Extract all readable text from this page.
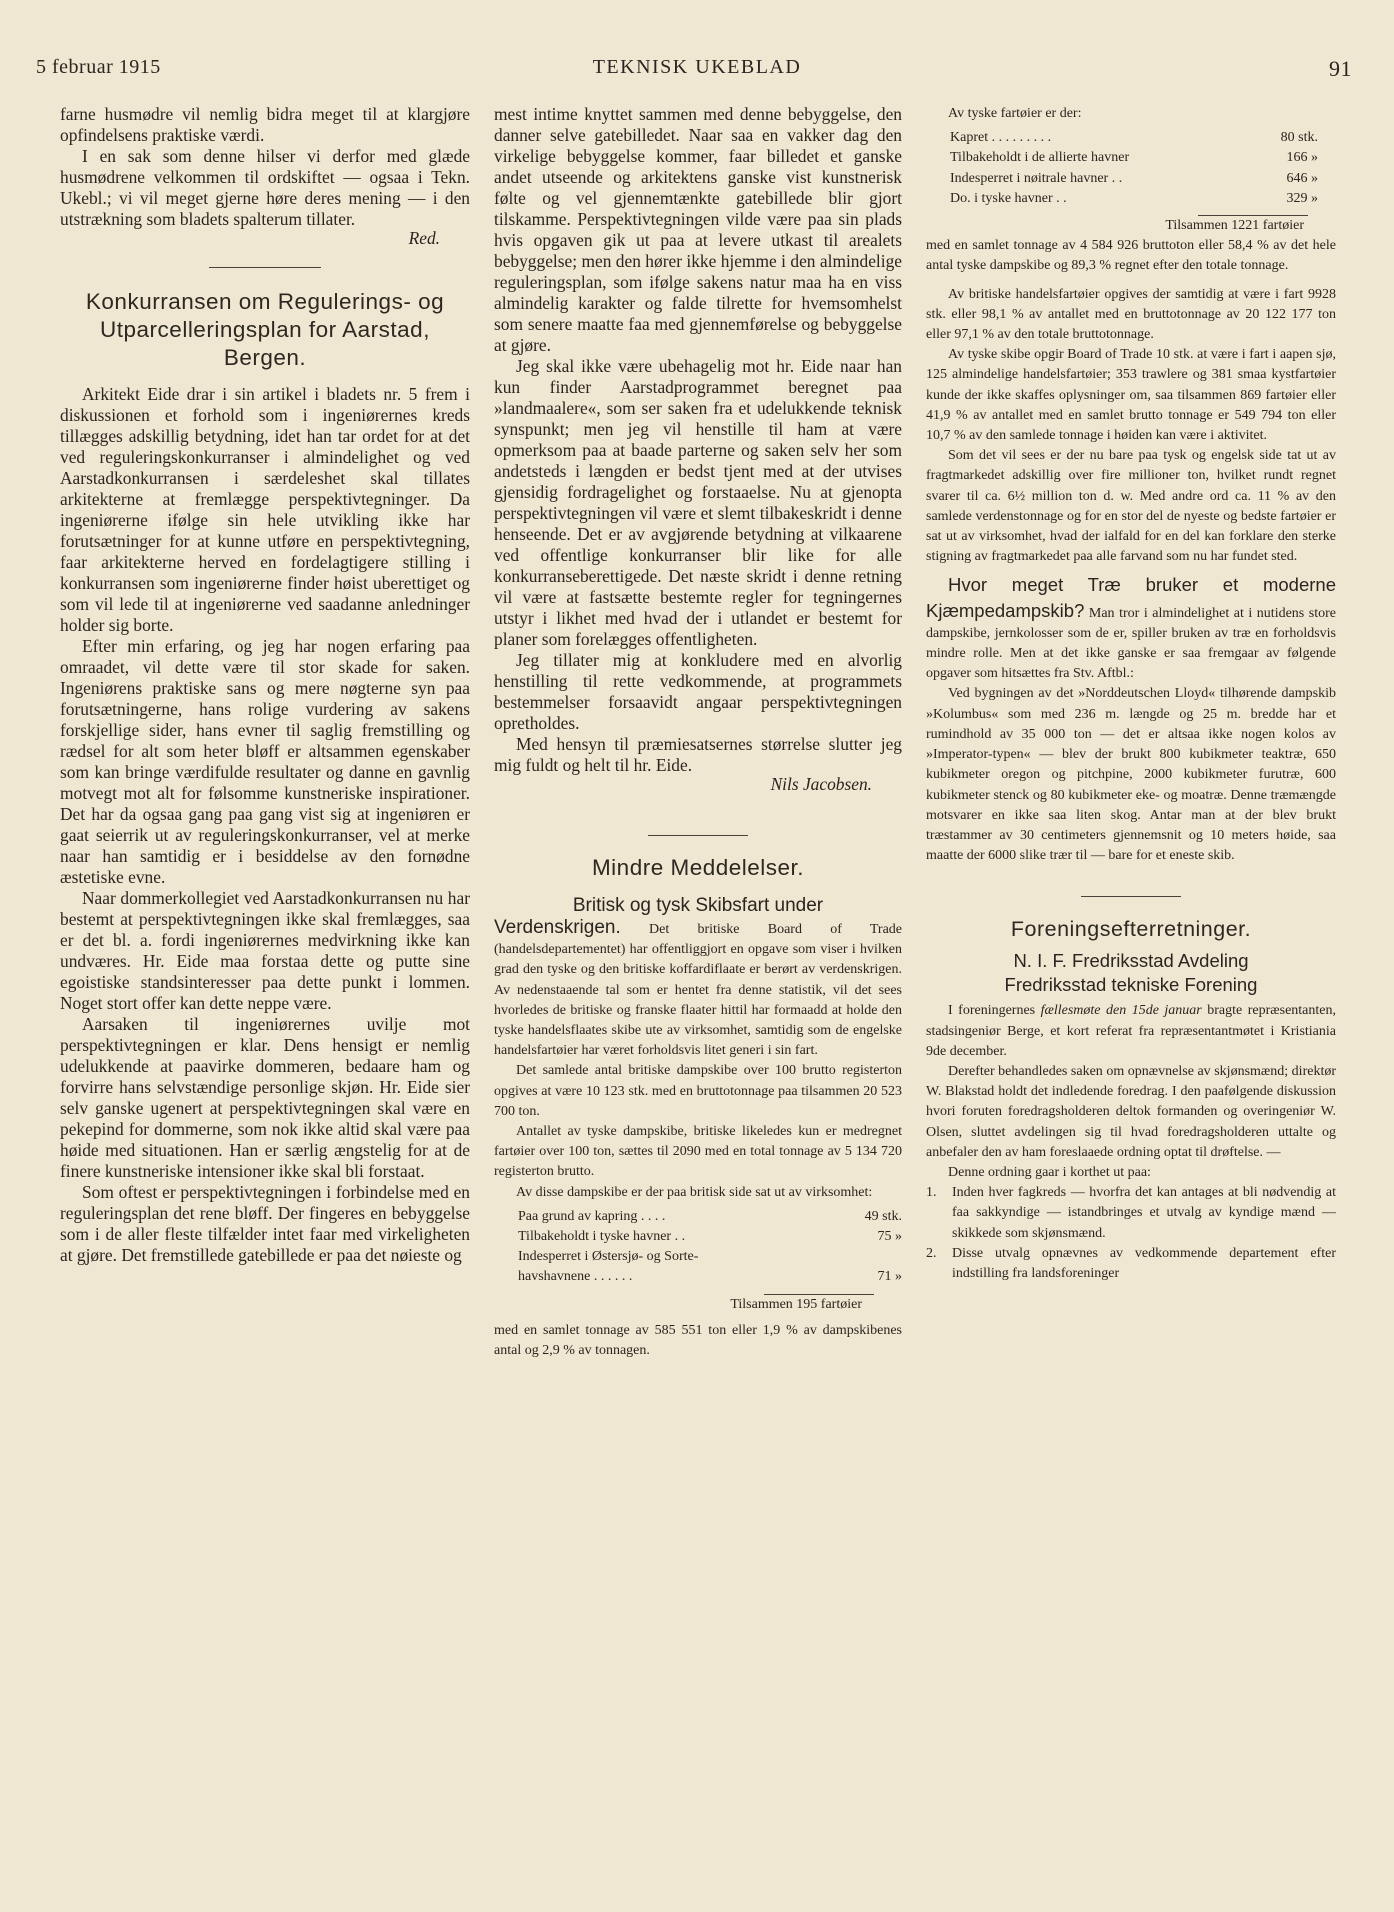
5 februar 1915	TEKNISK UKEBLAD	91

farne husmødre vil nemlig bidra meget til at klargjøre opfindelsens praktiske værdi.

I en sak som denne hilser vi derfor med glæde husmødrene velkommen til ordskiftet — ogsaa i Tekn. Ukebl.; vi vil meget gjerne høre deres mening — i den utstrækning som bladets spalterum tillater.

Red.
Konkurransen om Regulerings- og Utparcelleringsplan for Aarstad, Bergen.

Arkitekt Eide drar i sin artikel i bladets nr. 5 frem i diskussionen et forhold som i ingeniørernes kreds tillægges adskillig betydning, idet han tar ordet for at det ved reguleringskonkurranser i almindelighet og ved Aarstadkonkurransen i særdeleshet skal tillates arkitekterne at fremlægge perspektivtegninger. Da ingeniørerne ifølge sin hele utvikling ikke har forutsætninger for at kunne utføre en perspektivtegning, faar arkitekterne herved en fordelagtigere stilling i konkurransen som ingeniørerne finder høist uberettiget og som vil lede til at ingeniørerne ved saadanne anledninger holder sig borte.

Efter min erfaring, og jeg har nogen erfaring paa omraadet, vil dette være til stor skade for saken. Ingeniørens praktiske sans og mere nøgterne syn paa forutsætningerne, hans rolige vurdering av sakens forskjellige sider, hans evner til saglig fremstilling og rædsel for alt som heter bløff er altsammen egenskaber som kan bringe værdifulde resultater og danne en gavnlig motvegt mot alt for følsomme kunstneriske inspirationer. Det har da ogsaa gang paa gang vist sig at ingeniøren er gaat seierrik ut av reguleringskonkurranser, vel at merke naar han samtidig er i besiddelse av den fornødne æstetiske evne.

Naar dommerkollegiet ved Aarstadkonkurransen nu har bestemt at perspektivtegningen ikke skal fremlægges, saa er det bl. a. fordi ingeniørernes medvirkning ikke kan undværes. Hr. Eide maa forstaa dette og putte sine egoistiske standsinteresser paa dette punkt i lommen. Noget stort offer kan dette neppe være.

Aarsaken til ingeniørernes uvilje mot perspektivtegningen er klar. Dens hensigt er nemlig udelukkende at paavirke dommeren, bedaare ham og forvirre hans selvstændige personlige skjøn. Hr. Eide sier selv ganske ugenert at perspektivtegningen skal være en pekepind for dommerne, som nok ikke altid skal være paa høide med situationen. Han er særlig ængstelig for at de finere kunstneriske intensioner ikke skal bli forstaat.

Som oftest er perspektivtegningen i forbindelse med en reguleringsplan det rene bløff. Der fingeres en bebyggelse som i de aller fleste tilfælder intet faar med virkeligheten at gjøre. Det fremstillede gatebillede er paa det nøieste og

mest intime knyttet sammen med denne bebyggelse, den danner selve gatebilledet. Naar saa en vakker dag den virkelige bebyggelse kommer, faar billedet et ganske andet utseende og arkitektens ganske vist kunstnerisk følte og vel gjennemtænkte gatebillede blir gjort tilskamme. Perspektivtegningen vilde være paa sin plads hvis opgaven gik ut paa at levere utkast til arealets bebyggelse; men den hører ikke hjemme i den almindelige reguleringsplan, som ifølge sakens natur maa ha en viss almindelig karakter og falde tilrette for hvemsomhelst som senere maatte faa med gjennemførelse og bebyggelse at gjøre.

Jeg skal ikke være ubehagelig mot hr. Eide naar han kun finder Aarstadprogrammet beregnet paa »landmaalere«, som ser saken fra et udelukkende teknisk synspunkt; men jeg vil henstille til ham at være opmerksom paa at baade parterne og saken selv her som andetsteds i længden er bedst tjent med at der utvises gjensidig fordragelighet og forstaaelse. Nu at gjenopta perspektivtegningen vil være et slemt tilbakeskridt i denne henseende. Det er av avgjørende betydning at vilkaarene ved offentlige konkurranser blir like for alle konkurranseberettigede. Det næste skridt i denne retning vil være at fastsætte bestemte regler for tegningernes utstyr i likhet med hvad der i utlandet er bestemt for planer som forelægges offentligheten.

Jeg tillater mig at konkludere med en alvorlig henstilling til rette vedkommende, at programmets bestemmelser forsaavidt angaar perspektivtegningen opretholdes.

Med hensyn til præmiesatsernes størrelse slutter jeg mig fuldt og helt til hr. Eide.

Nils Jacobsen.
Mindre Meddelelser.
Britisk og tysk Skibsfart under

Verdenskrigen. Det britiske Board of Trade (handelsdepartementet) har offentliggjort en opgave som viser i hvilken grad den tyske og den britiske koffardiflaate er berørt av verdenskrigen. Av nedenstaaende tal som er hentet fra denne statistik, vil det sees hvorledes de britiske og franske flaater hittil har formaadd at holde den tyske handelsflaates skibe ute av virksomhet, samtidig som de engelske handelsfartøier har været forholdsvis litet generi i sin fart.

Det samlede antal britiske dampskibe over 100 brutto registerton opgives at være 10 123 stk. med en bruttotonnage paa tilsammen 20 523 700 ton.

Antallet av tyske dampskibe, britiske likeledes kun er medregnet fartøier over 100 ton, sættes til 2090 med en total tonnage av 5 134 720 registerton brutto.

Av disse dampskibe er der paa britisk side sat ut av virksomhet:

Paa grund av kapring . . . .	49 stk.
Tilbakeholdt i tyske havner . .	75 »
Indesperret i Østersjø- og Sorte-
havshavnene . . . . . .	71 »
Tilsammen 195 fartøier

med en samlet tonnage av 585 551 ton eller 1,9 % av dampskibenes antal og 2,9 % av tonnagen.

Av tyske fartøier er der:

Kapret . . . . . . . . .	80 stk.
Tilbakeholdt i de allierte havner	166 »
Indesperret i nøitrale havner . .	646 »
Do. i tyske havner . .	329 »
Tilsammen 1221 fartøier

med en samlet tonnage av 4 584 926 bruttoton eller 58,4 % av det hele antal tyske dampskibe og 89,3 % regnet efter den totale tonnage.

Av britiske handelsfartøier opgives der samtidig at være i fart 9928 stk. eller 98,1 % av antallet med en bruttotonnage av 20 122 177 ton eller 97,1 % av den totale bruttotonnage.

Av tyske skibe opgir Board of Trade 10 stk. at være i fart i aapen sjø, 125 almindelige handelsfartøier; 353 trawlere og 381 smaa kystfartøier kunde der ikke skaffes oplysninger om, saa tilsammen 869 fartøier eller 41,9 % av antallet med en samlet brutto tonnage er 549 794 ton eller 10,7 % av den samlede tonnage i høiden kan være i aktivitet.

Som det vil sees er der nu bare paa tysk og engelsk side tat ut av fragtmarkedet adskillig over fire millioner ton, hvilket rundt regnet svarer til ca. 6½ million ton d. w. Med andre ord ca. 11 % av den samlede verdenstonnage og for en stor del de nyeste og bedste fartøier er sat ut av virksomhet, hvad der ialfald for en del kan forklare den sterke stigning av fragtmarkedet paa alle farvand som nu har fundet sted.

Hvor meget Træ bruker et moderne Kjæmpedampskib? Man tror i almindelighet at i nutidens store dampskibe, jernkolosser som de er, spiller bruken av træ en forholdsvis mindre rolle. Men at det ikke ganske er saa fremgaar av følgende opgaver som hitsættes fra Stv. Aftbl.:

Ved bygningen av det »Norddeutschen Lloyd« tilhørende dampskib »Kolumbus« som med 236 m. længde og 25 m. bredde har et rumindhold av 35 000 ton — det er altsaa ikke nogen kolos av »Imperator-typen« — blev der brukt 800 kubikmeter teaktræ, 650 kubikmeter oregon og pitchpine, 2000 kubikmeter furutræ, 600 kubikmeter stenck og 80 kubikmeter eke- og moatræ. Denne træmængde motsvarer en ikke saa liten skog. Antar man at der blev brukt træstammer av 30 centimeters gjennemsnit og 10 meters høide, saa maatte der 6000 slike trær til — bare for et eneste skib.

Foreningsefterretninger.
N. I. F. Fredriksstad Avdeling
Fredriksstad tekniske Forening

I foreningernes fællesmøte den 15de januar bragte repræsentanten, stadsingeniør Berge, et kort referat fra repræsentantmøtet i Kristiania 9de december.

Derefter behandledes saken om opnævnelse av skjønsmænd; direktør W. Blakstad holdt det indledende foredrag. I den paafølgende diskussion hvori foruten foredragsholderen deltok formanden og overingeniør W. Olsen, sluttet avdelingen sig til hvad foredragsholderen uttalte og anbefaler den av ham foreslaaede ordning optat til drøftelse. —

Denne ordning gaar i korthet ut paa:

1.	Inden hver fagkreds — hvorfra det kan antages at bli nødvendig at faa sakkyndige — istandbringes et utvalg av kyndige mænd — skikkede som skjønsmænd.
2.	Disse utvalg opnævnes av vedkommende departement efter indstilling fra landsforeninger
